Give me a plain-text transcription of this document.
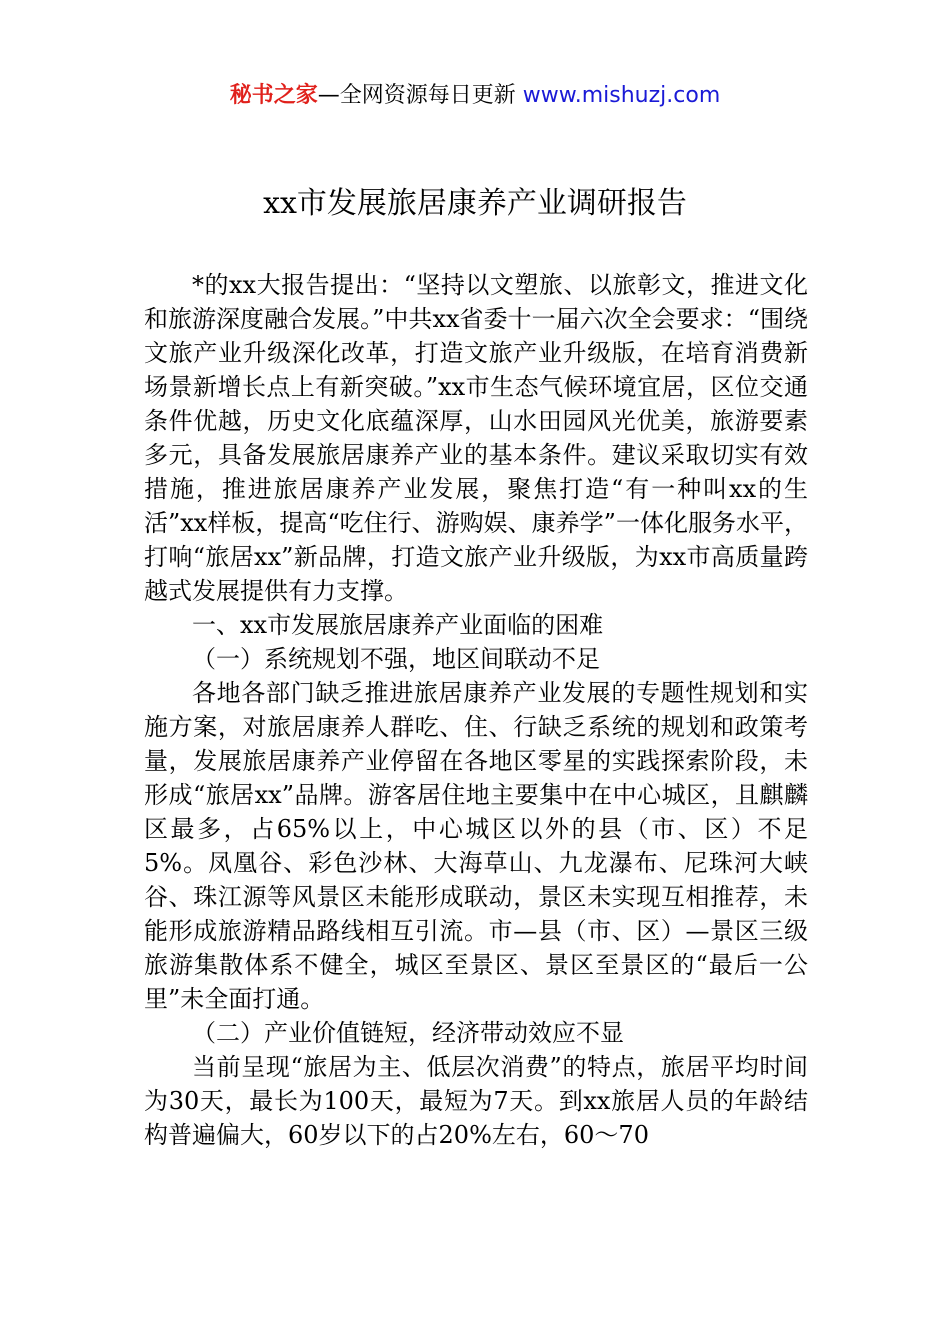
秘书之家—全网资源每日更新 www.mishuzj.com
xx市发展旅居康养产业调研报告

*的xx大报告提出：“坚持以文塑旅、以旅彰文，推进文化和旅游深度融合发展。”中共xx省委十一届六次全会要求：“围绕文旅产业升级深化改革，打造文旅产业升级版，在培育消费新场景新增长点上有新突破。”xx市生态气候环境宜居，区位交通条件优越，历史文化底蕴深厚，山水田园风光优美，旅游要素多元，具备发展旅居康养产业的基本条件。建议采取切实有效措施，推进旅居康养产业发展，聚焦打造“有一种叫xx的生活”xx样板，提高“吃住行、游购娱、康养学”一体化服务水平，打响“旅居xx”新品牌，打造文旅产业升级版，为xx市高质量跨越式发展提供有力支撑。

一、xx市发展旅居康养产业面临的困难

（一）系统规划不强，地区间联动不足

各地各部门缺乏推进旅居康养产业发展的专题性规划和实施方案，对旅居康养人群吃、住、行缺乏系统的规划和政策考量，发展旅居康养产业停留在各地区零星的实践探索阶段，未形成“旅居xx”品牌。游客居住地主要集中在中心城区，且麒麟区最多，占65%以上，中心城区以外的县（市、区）不足5%。凤凰谷、彩色沙林、大海草山、九龙瀑布、尼珠河大峡谷、珠江源等风景区未能形成联动，景区未实现互相推荐，未能形成旅游精品路线相互引流。市—县（市、区）—景区三级旅游集散体系不健全，城区至景区、景区至景区的“最后一公里”未全面打通。

（二）产业价值链短，经济带动效应不显

当前呈现“旅居为主、低层次消费”的特点，旅居平均时间为30天，最长为100天，最短为7天。到xx旅居人员的年龄结构普遍偏大，60岁以下的占20%左右，60～70
